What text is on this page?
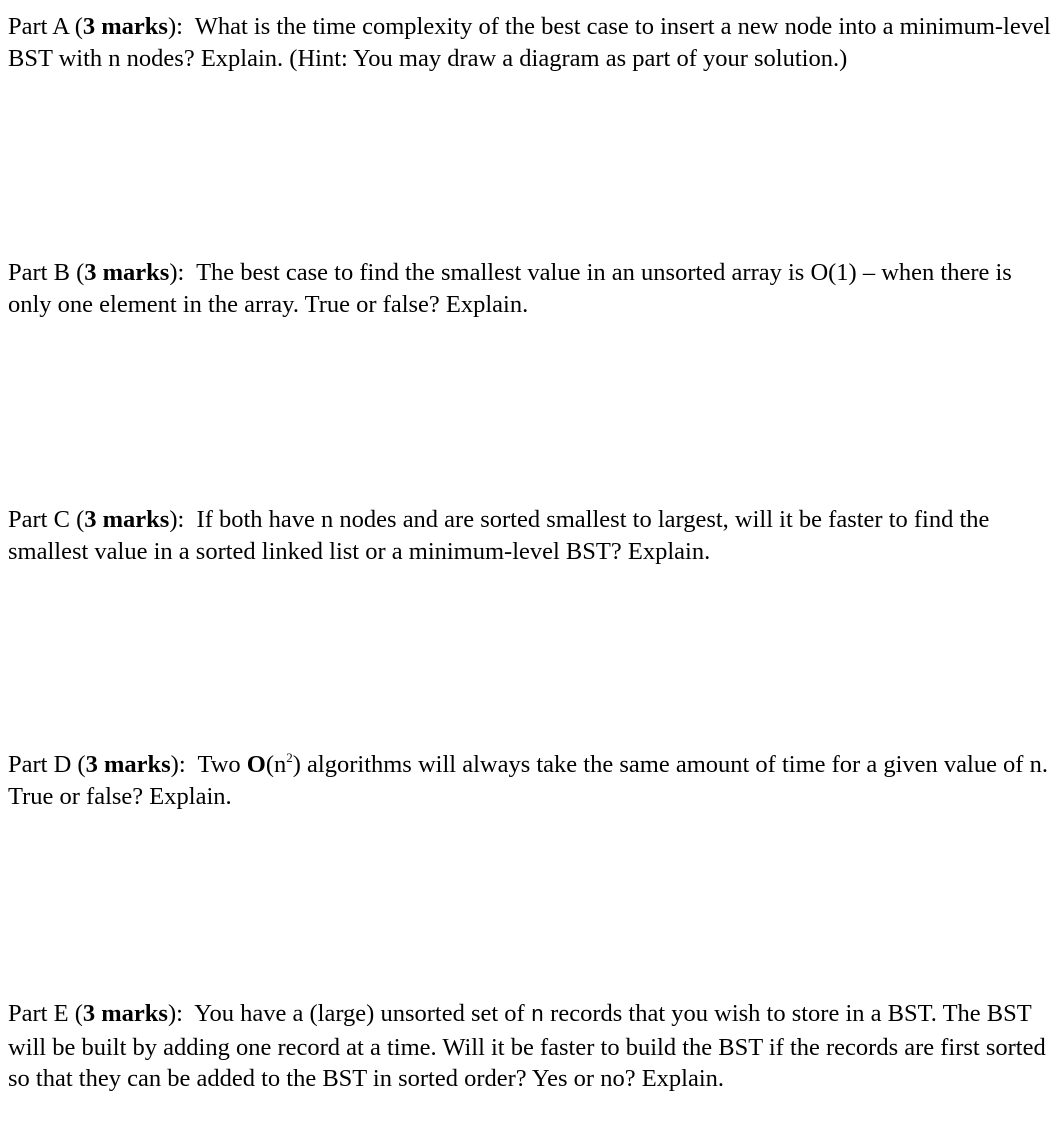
Part A (3 marks):  What is the time complexity of the best case to insert a new node into a minimum-level BST with n nodes? Explain. (Hint: You may draw a diagram as part of your solution.)

Part B (3 marks):  The best case to find the smallest value in an unsorted array is O(1) – when there is only one element in the array. True or false? Explain.

Part C (3 marks):  If both have n nodes and are sorted smallest to largest, will it be faster to find the smallest value in a sorted linked list or a minimum-level BST? Explain.

Part D (3 marks):  Two $O(n^2)$ algorithms will always take the same amount of time for a given value of n. True or false? Explain.

Part E (3 marks):  You have a (large) unsorted set of n records that you wish to store in a BST. The BST will be built by adding one record at a time. Will it be faster to build the BST if the records are first sorted so that they can be added to the BST in sorted order? Yes or no? Explain.
